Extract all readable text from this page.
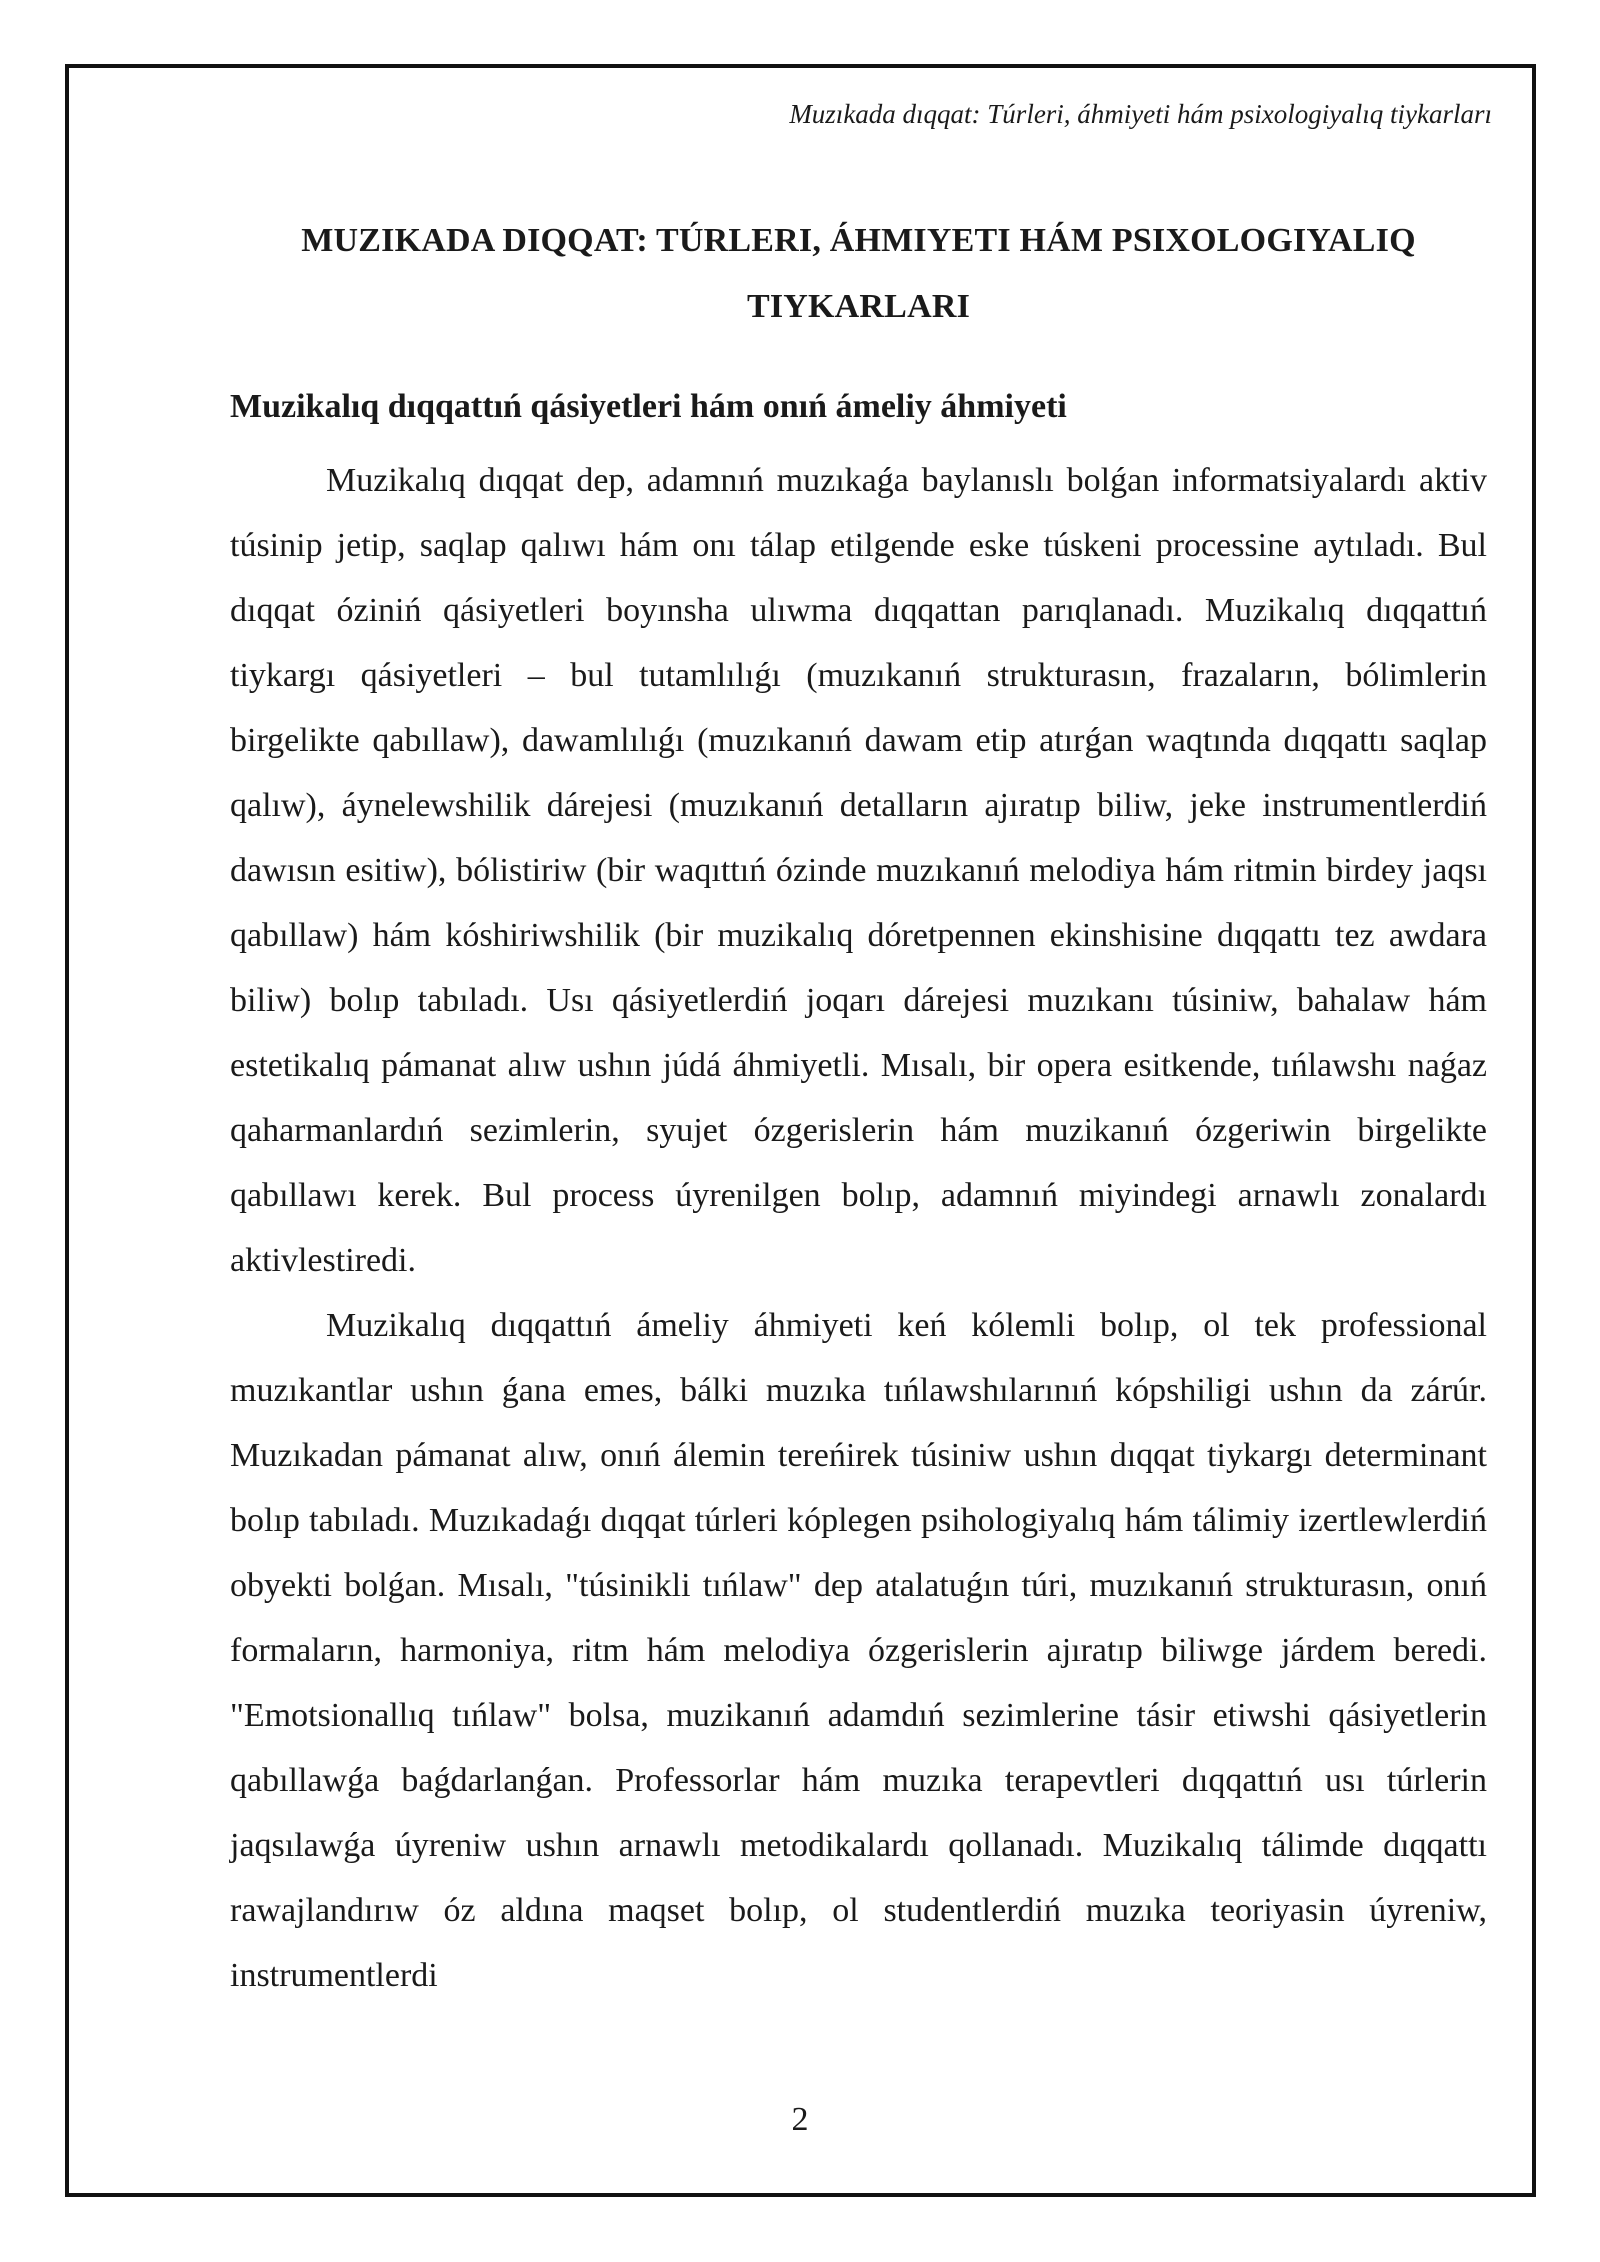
Muzıkada dıqqat: Túrleri, áhmiyeti hám psixologiyalıq tiykarları
MUZIKADA DIQQAT: TÚRLERI, ÁHMIYETI HÁM PSIXOLOGIYALIQ TIYKARLARI
Muzikalıq dıqqattıń qásiyetleri hám onıń ámeliy áhmiyeti

Muzikalıq dıqqat dep, adamnıń muzıkaǵa baylanıslı bolǵan informatsiyalardı aktiv túsinip jetip, saqlap qalıwı hám onı tálap etilgende eske túskeni processine aytıladı. Bul dıqqat óziniń qásiyetleri boyınsha ulıwma dıqqattan parıqlanadı. Muzikalıq dıqqattıń tiykargı qásiyetleri – bul tutamlılıǵı (muzıkanıń strukturasın, frazaların, bólimlerin birgelikte qabıllaw), dawamlılıǵı (muzıkanıń dawam etip atırǵan waqtında dıqqattı saqlap qalıw), áynelewshilik dárejesi (muzıkanıń detalların ajıratıp biliw, jeke instrumentlerdiń dawısın esitiw), bólistiriw (bir waqıttıń ózinde muzıkanıń melodiya hám ritmin birdey jaqsı qabıllaw) hám kóshiriwshilik (bir muzikalıq dóretpennen ekinshisine dıqqattı tez awdara biliw) bolıp tabıladı. Usı qásiyetlerdiń joqarı dárejesi muzıkanı túsiniw, bahalaw hám estetikalıq pámanat alıw ushın júdá áhmiyetli. Mısalı, bir opera esitkende, tıńlawshı naǵaz qaharmanlardıń sezimlerin, syujet ózgerislerin hám muzikanıń ózgeriwin birgelikte qabıllawı kerek. Bul process úyrenilgen bolıp, adamnıń miyindegi arnawlı zonalardı aktivlestiredi.

Muzikalıq dıqqattıń ámeliy áhmiyeti keń kólemli bolıp, ol tek professional muzıkantlar ushın ǵana emes, bálki muzıka tıńlawshılarınıń kópshiligi ushın da zárúr. Muzıkadan pámanat alıw, onıń álemin tereńirek túsiniw ushın dıqqat tiykargı determinant bolıp tabıladı. Muzıkadaǵı dıqqat túrleri kóplegen psihologiyalıq hám tálimiy izertlewlerdiń obyekti bolǵan. Mısalı, "túsinikli tıńlaw" dep atalatuǵın túri, muzıkanıń strukturasın, onıń formaların, harmoniya, ritm hám melodiya ózgerislerin ajıratıp biliwge járdem beredi. "Emotsionallıq tıńlaw" bolsa, muzikanıń adamdıń sezimlerine tásir etiwshi qásiyetlerin qabıllawǵa baǵdarlanǵan. Professorlar hám muzıka terapevtleri dıqqattıń usı túrlerin jaqsılawǵa úyreniw ushın arnawlı metodikalardı qollanadı. Muzikalıq tálimde dıqqattı rawajlandırıw óz aldına maqset bolıp, ol studentlerdiń muzıka teoriyasin úyreniw, instrumentlerdi

2
